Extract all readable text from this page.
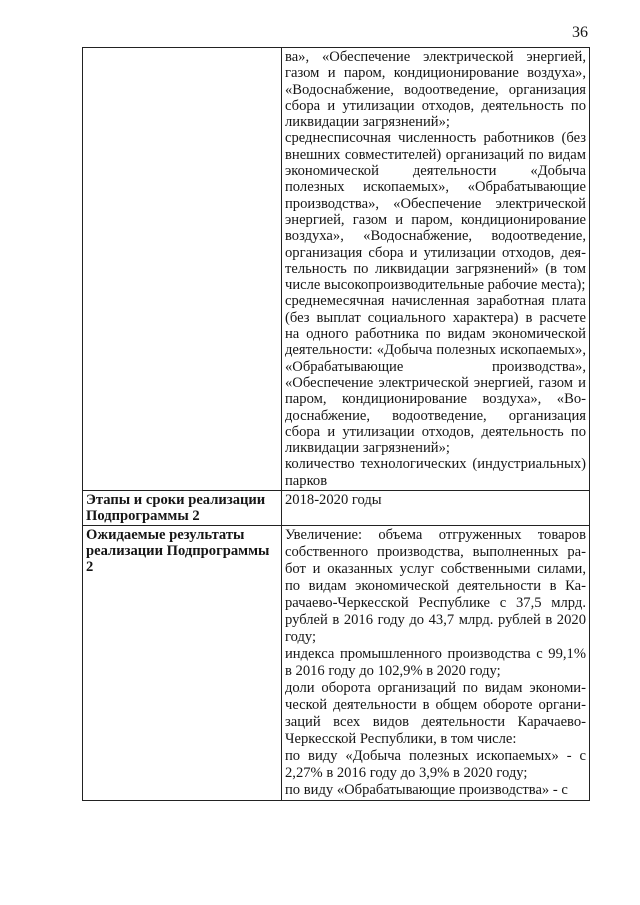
36

	ва», «Обеспечение электрической энергией, газом и паром, кондиционирование воздуха», «Водоснабжение, водоотведение, организация сбора и утилизации отходов, деятельность по ликвидации загрязнений»;

среднесписочная численность работников (без внешних совместителей) организаций по видам экономической деятельности «Добыча полезных ископаемых», «Обрабатывающие производства», «Обеспечение электрической энергией, газом и паром, кондиционирование воздуха», «Водоснабжение, водоотведение, организация сбора и утилизации отходов, деятельность по ликвидации загрязнений» (в том числе высокопроизводительные рабочие места);

среднемесячная начисленная заработная плата (без выплат социального характера) в расчете на одного работника по видам экономической деятельности: «Добыча полезных ископаемых», «Обрабатывающие производства», «Обеспечение электрической энергией, газом и паром, кондиционирование воздуха», «Водоснабжение, водоотведение, организация сбора и утилизации отходов, деятельность по ликвидации загрязнений»;

количество технологических (индустриальных) парков

Этапы и сроки реализации Подпрограммы 2	2018-2020 годы

Ожидаемые результаты реализации Подпрограммы 2	Увеличение: объема отгруженных товаров собственного производства, выполненных работ и оказанных услуг собственными силами, по видам экономической деятельности в Карачаево-Черкесской Республике с 37,5 млрд. рублей в 2016 году до 43,7 млрд. рублей в 2020 году;

индекса промышленного производства с 99,1% в 2016 году до 102,9% в 2020 году;

доли оборота организаций по видам экономической деятельности в общем обороте организаций всех видов деятельности Карачаево-Черкесской Республики, в том числе:

по виду «Добыча полезных ископаемых» - с 2,27% в 2016 году до 3,9% в 2020 году;

по виду «Обрабатывающие производства» - с
